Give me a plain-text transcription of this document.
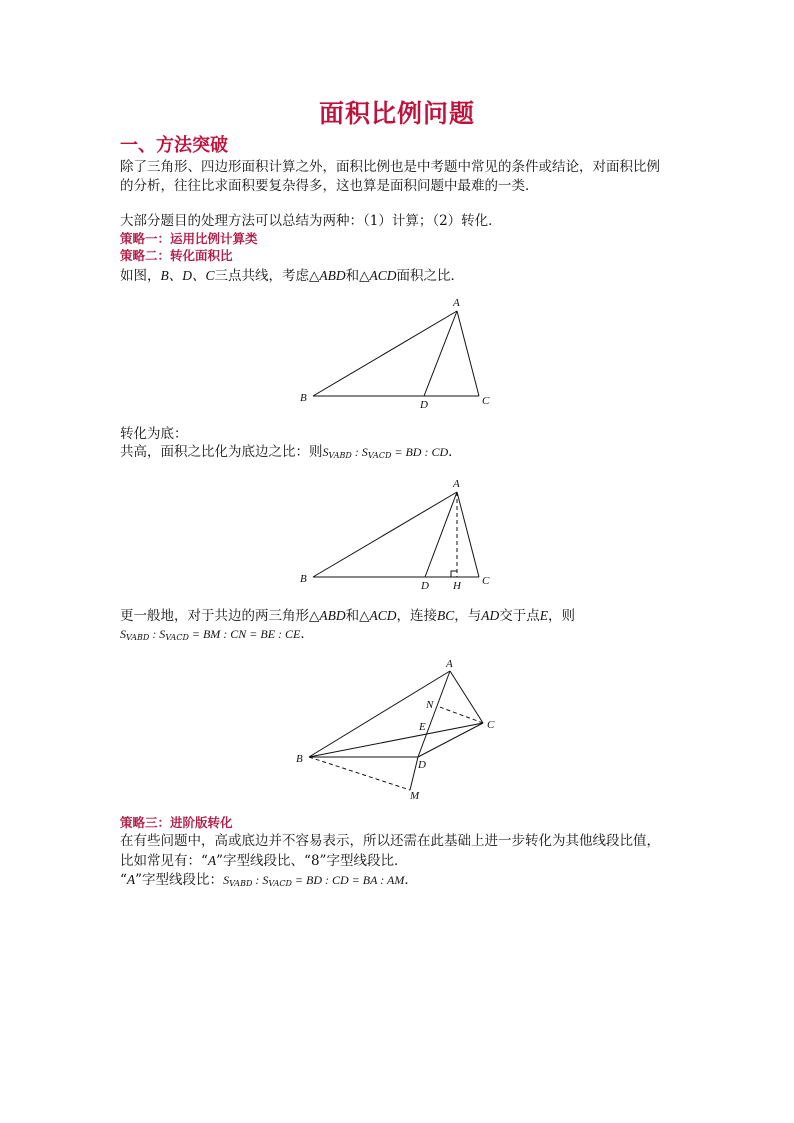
面积比例问题
一、方法突破
除了三角形、四边形面积计算之外，面积比例也是中考题中常见的条件或结论，对面积比例
的分析，往往比求面积要复杂得多，这也算是面积问题中最难的一类．
大部分题目的处理方法可以总结为两种：（1）计算；（2）转化．
策略一：运用比例计算类
策略二：转化面积比
如图，B、D、C三点共线，考虑△ABD和△ACD面积之比．
A
B	C
D
转化为底：
共高，面积之比化为底边之比：则$S_{VABD}$ : $S_{VACD}$ = BD : CD．
A
B	C
D H
更一般地，对于共边的两三角形△ABD和△ACD，连接BC，与AD交于点E，则
$S_{VABD}$ : $S_{VACD}$ = BM : CN = BE : CE．
A
B
C
D
E
M
N
策略三：进阶版转化
在有些问题中，高或底边并不容易表示，所以还需在此基础上进一步转化为其他线段比值，
比如常见有：“A”字型线段比、“8”字型线段比．
“A”字型线段比：$S_{VABD}$ : $S_{VACD}$ = BD : CD = BA : AM．
